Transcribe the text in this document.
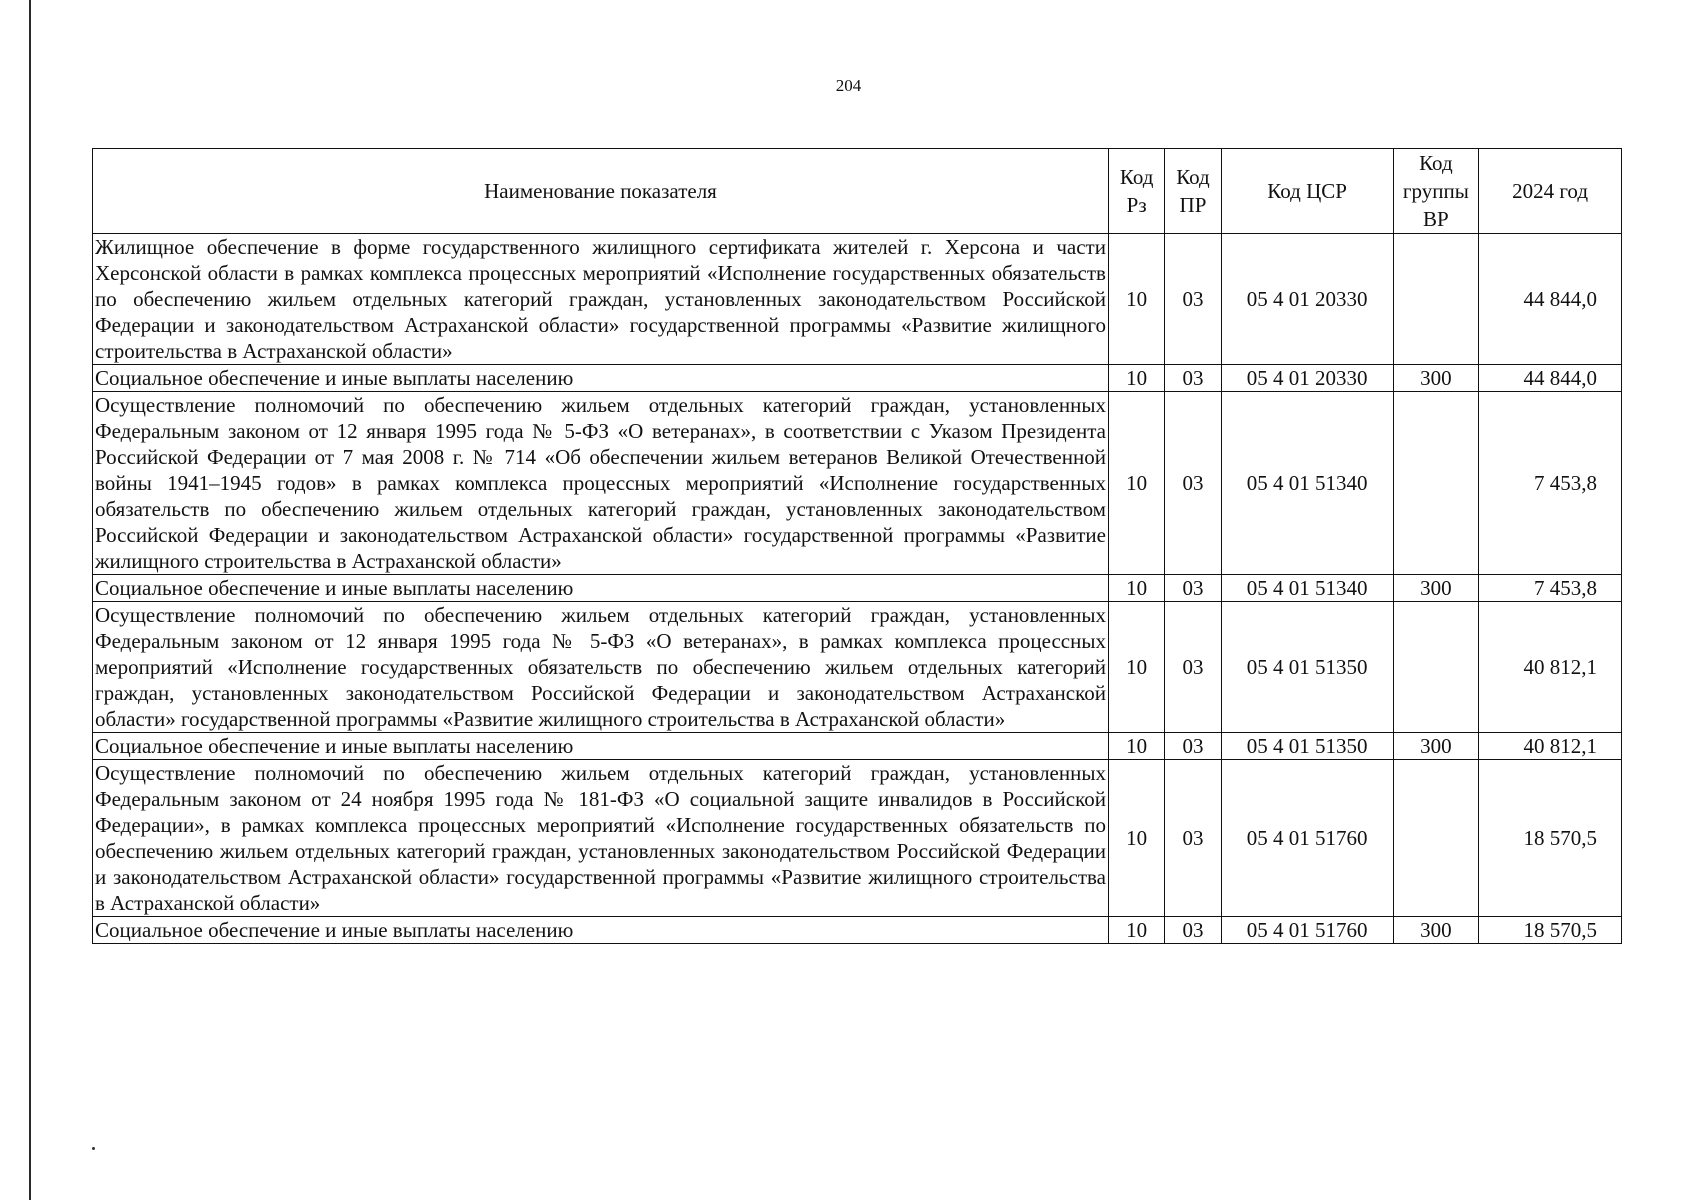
204
Наименование показателя	Код Рз	Код ПР	Код ЦСР	Код группы ВР	2024 год
Жилищное обеспечение в форме государственного жилищного сертификата жителей г. Херсона и части Херсонской области в рамках комплекса процессных мероприятий «Исполнение государственных обязательств по обеспечению жильем отдельных категорий граждан, установленных законодательством Российской Федерации и законодательством Астраханской области» государственной программы «Развитие жилищного строительства в Астраханской области»	10	03	05 4 01 20330		44 844,0
Социальное обеспечение и иные выплаты населению	10	03	05 4 01 20330	300	44 844,0
Осуществление полномочий по обеспечению жильем отдельных категорий граждан, установленных Федеральным законом от 12 января 1995 года № 5-ФЗ «О ветеранах», в соответствии с Указом Президента Российской Федерации от 7 мая 2008 г. № 714 «Об обеспечении жильем ветеранов Великой Отечественной войны 1941–1945 годов» в рамках комплекса процессных мероприятий «Исполнение государственных обязательств по обеспечению жильем отдельных категорий граждан, установленных законодательством Российской Федерации и законодательством Астраханской области» государственной программы «Развитие жилищного строительства в Астраханской области»	10	03	05 4 01 51340		7 453,8
Социальное обеспечение и иные выплаты населению	10	03	05 4 01 51340	300	7 453,8
Осуществление полномочий по обеспечению жильем отдельных категорий граждан, установленных Федеральным законом от 12 января 1995 года № 5-ФЗ «О ветеранах», в рамках комплекса процессных мероприятий «Исполнение государственных обязательств по обеспечению жильем отдельных категорий граждан, установленных законодательством Российской Федерации и законодательством Астраханской области» государственной программы «Развитие жилищного строительства в Астраханской области»	10	03	05 4 01 51350		40 812,1
Социальное обеспечение и иные выплаты населению	10	03	05 4 01 51350	300	40 812,1
Осуществление полномочий по обеспечению жильем отдельных категорий граждан, установленных Федеральным законом от 24 ноября 1995 года № 181-ФЗ «О социальной защите инвалидов в Российской Федерации», в рамках комплекса процессных мероприятий «Исполнение государственных обязательств по обеспечению жильем отдельных категорий граждан, установленных законодательством Российской Федерации и законодательством Астраханской области» государственной программы «Развитие жилищного строительства в Астраханской области»	10	03	05 4 01 51760		18 570,5
Социальное обеспечение и иные выплаты населению	10	03	05 4 01 51760	300	18 570,5
